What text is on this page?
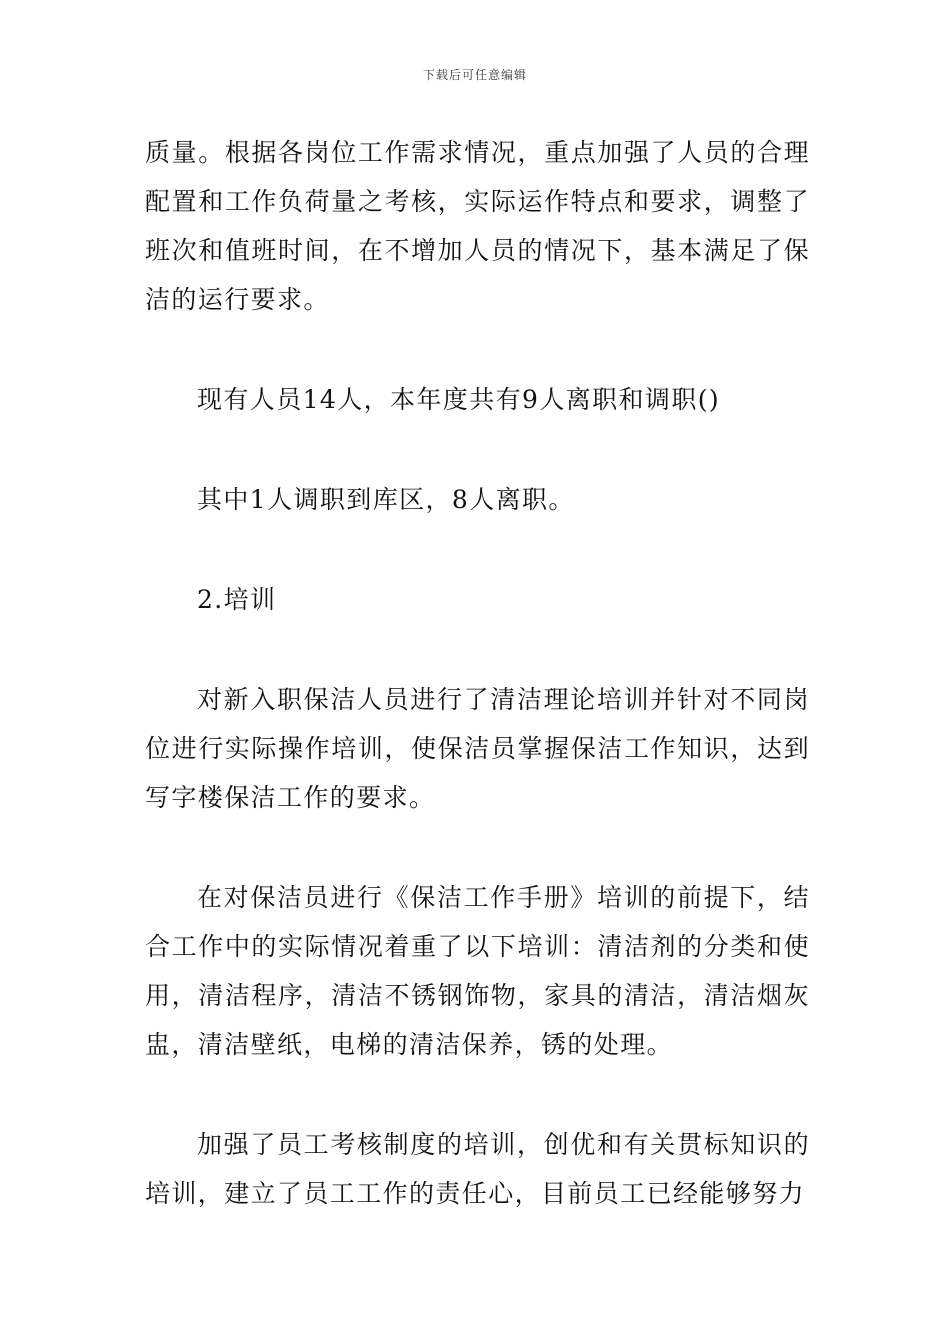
下载后可任意编辑

质量。根据各岗位工作需求情况，重点加强了人员的合理配置和工作负荷量之考核，实际运作特点和要求，调整了班次和值班时间，在不增加人员的情况下，基本满足了保洁的运行要求。

现有人员14人，本年度共有9人离职和调职()

其中1人调职到库区，8人离职。

2.培训

对新入职保洁人员进行了清洁理论培训并针对不同岗位进行实际操作培训，使保洁员掌握保洁工作知识，达到写字楼保洁工作的要求。

在对保洁员进行《保洁工作手册》培训的前提下，结合工作中的实际情况着重了以下培训：清洁剂的分类和使用，清洁程序，清洁不锈钢饰物，家具的清洁，清洁烟灰盅，清洁壁纸，电梯的清洁保养，锈的处理。

加强了员工考核制度的培训，创优和有关贯标知识的培训，建立了员工工作的责任心，目前员工已经能够努力
